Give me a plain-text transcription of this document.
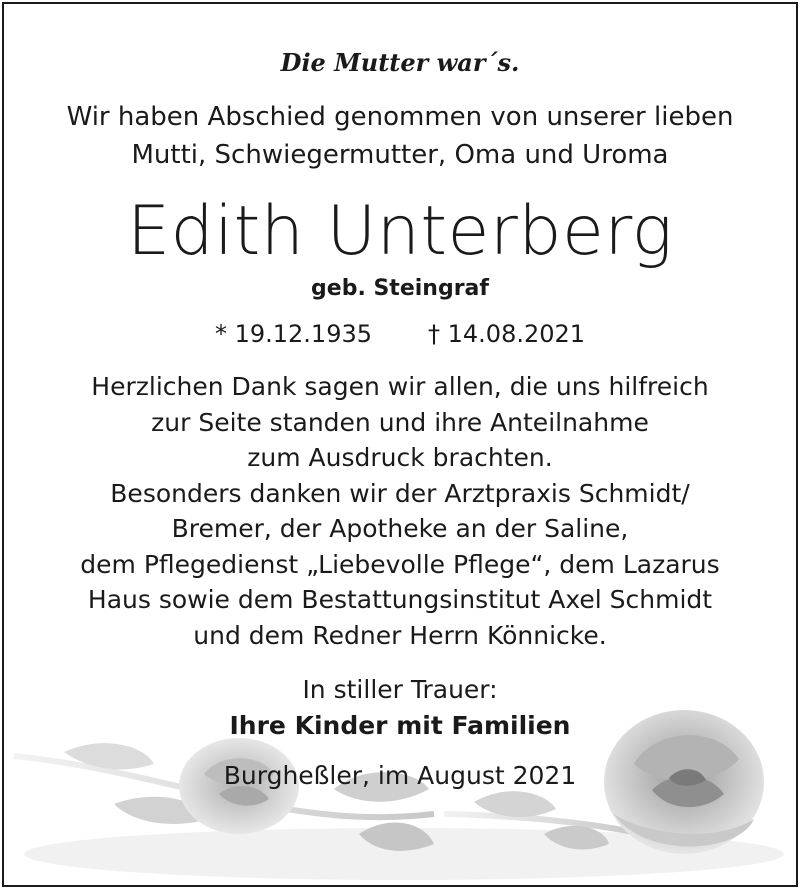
Die Mutter war´s.
Wir haben Abschied genommen von unserer lieben
Mutti, Schwiegermutter, Oma und Uroma
Edith Unterberg
geb. Steingraf
* 19.12.1935 † 14.08.2021
Herzlichen Dank sagen wir allen, die uns hilfreich
zur Seite standen und ihre Anteilnahme
zum Ausdruck brachten.
Besonders danken wir der Arztpraxis Schmidt/
Bremer, der Apotheke an der Saline,
dem Pflegedienst „Liebevolle Pflege“, dem Lazarus
Haus sowie dem Bestattungsinstitut Axel Schmidt
und dem Redner Herrn Könnicke.
In stiller Trauer:
Ihre Kinder mit Familien
Burgheßler, im August 2021
